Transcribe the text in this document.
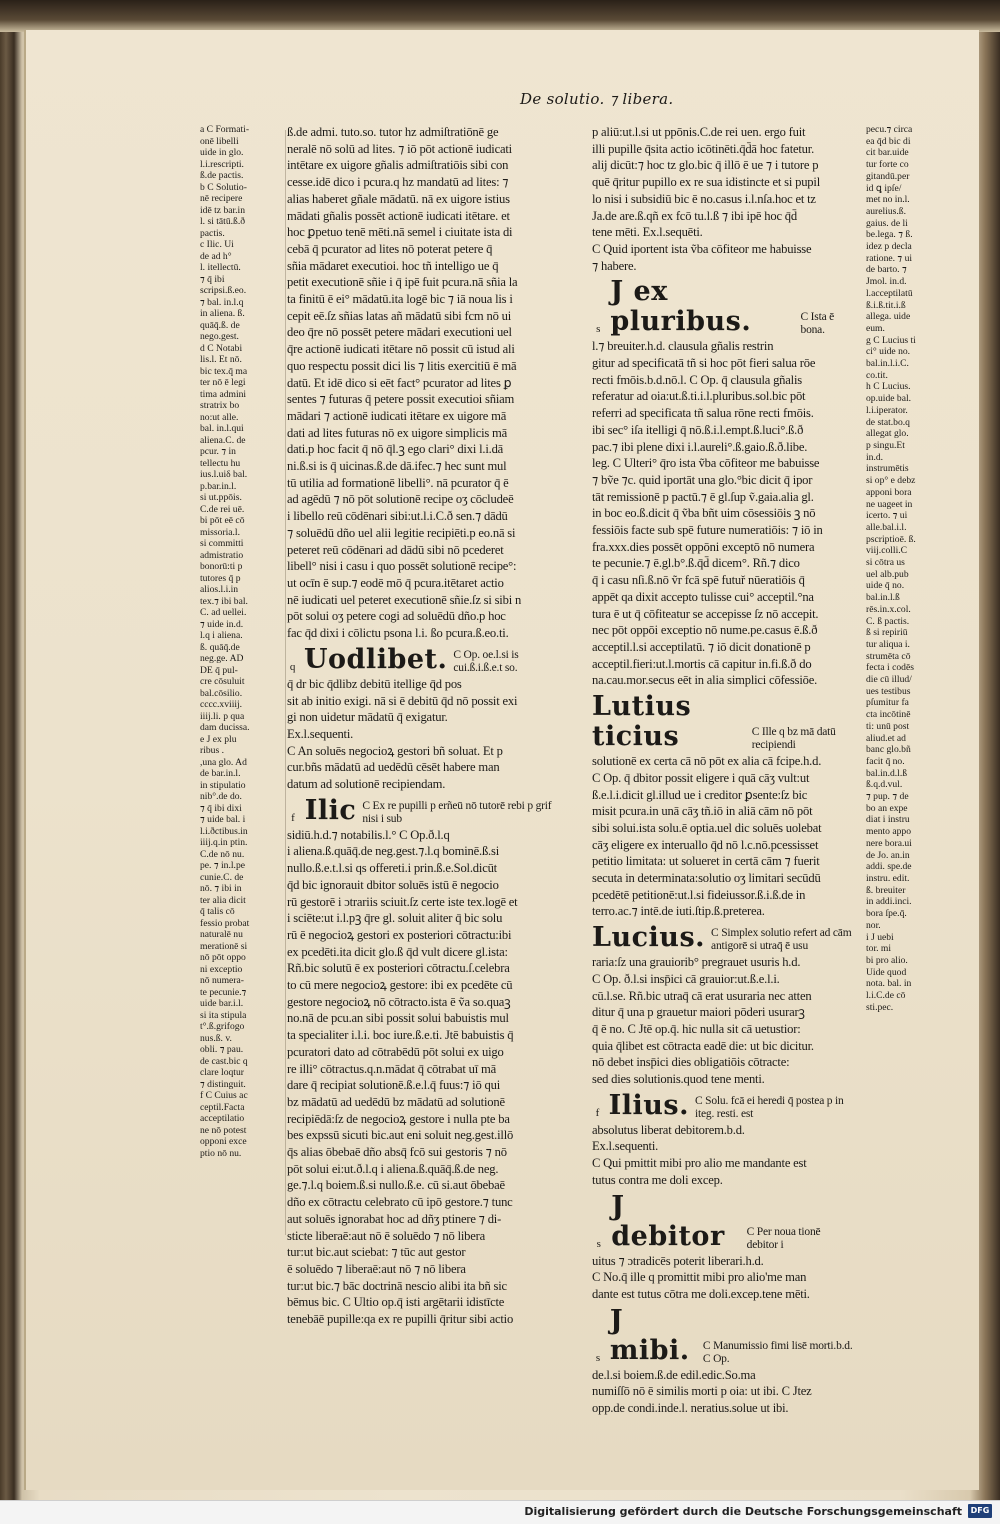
De solutio. ⁊ libera.

a C Formati-

onē libelli

uide in glo.

l.i.rescripti.

ß.de pactis.

b C Solutio-

nē recipere

idē tz bar.in

l. si tātū.ß.ð

pactis.

c Ilic. Ui

de ad h°

l. itellectū.

⁊ q̄ ibi

scripsi.ß.eo.

⁊ bal. in.l.q

in aliena. ß.

quāq̄.ß. de

nego.gest.

d C Notabi

lis.l. Et nō.

bic tex.q̄ ma

ter nō ē legi

tima admini

stratrix bo

no:ut alle.

bal. in.l.qui

aliena.C. de

pcur. ⁊ in

tellectu hu

ius.l.uiδ bal.

p.bar.in.l.

si ut.ppōis.

C.de rei uē.

bi pōt eē cō

missoria.l.

si committi

admistratio

bonorū:ti p

tutores q̄ p

alios.l.i.in

tex.⁊ ibi bal.

C. ad uellei.

⁊ uide in.d.

l.q i aliena.

ß. quāq̄.de

neg.ge. AD

DE q̄ pul-

cre cōsuluit

bal.cōsilio.

cccc.xviiij.

iiij.li. p qua

dam ducissa.

e J ex plu

ribus .

,una glo. Ad

de bar.in.l.

in stipulatio

nib°.de do.

⁊ q̄ ibi dixi

⁊ uide bal. i

l.i.ðctibus.in

iiij.q.in ptin.

C.de nō nu.

pe. ⁊ in.l.pe

cunie.C. de

nō. ⁊ ibi in

ter alia dicit

q̄ talis cō

fessio probat

naturalē nu

merationē si

nō pōt oppo

ni exceptio

nō numera-

te pecunie.⁊

uide bar.i.l.

si ita stipula

t°.ß.grifogo

nus.ß. v.

obli. ⁊ pau.

de cast.bic q

clare loqtur

⁊ distinguit.

f C Cuius ac

ceptil.Facta

acceptilatio

ne nō potest

opponi exce

ptio nō nu.

ß.de admi. tuto.so. tutor hz admiſtratiōnē ge

neralē nō solū ad lites. ⁊ iō pōt actionē iudicati

intētare ex uigore gñalis admiſtratiōis sibi con

cesse.idē dico i pcura.q hz mandatū ad lites: ⁊

alias haberet gñale mādatū. nā ex uigore istius

mādati gñalis possēt actionē iudicati itētare. et

hoc ꝑpetuo tenē mēti.nā semel i ciuitate ista di

cebā q̄ pcurator ad lites nō poterat petere q̄

sñia mādaret executioi. hoc tñ intelligo ue q̄

petit executionē sñie i q̄ ipē fuit pcura.nā sñia la

ta finitū ē ei° mādatū.ita logē bic ⁊ iā noua lis i

cepit eē.ſz sñias latas añ mādatū sibi fcm nō ui

deo q̄re nō possēt petere mādari executioni uel

q̄re actionē iudicati itētare nō possit cū istud ali

quo respectu possit dici lis ⁊ litis exercitiū ē mā

datū. Et idē dico si eēt fact° pcurator ad lites ꝑ

sentes ⁊ futuras q̄ petere possit executioi sñiam

mādari ⁊ actionē iudicati itētare ex uigore mā

dati ad lites futuras nō ex uigore simplicis mā

dati.p hoc facit q̄ nō q̄l.ꝫ ego clari° dixi l.i.dā

ni.ß.si is q̄ uicinas.ß.de dā.ifec.⁊ hec sunt mul

tū utilia ad formationē libelli°. nā pcurator q̄ ē

ad agēdū ⁊ nō pōt solutionē recipe oʒ cōcludeē

i libello reū cōdēnari sibi:ut.l.i.C.ð sen.⁊ dādū

⁊ soluēdū dño uel alii legitie recipiēti.p eo.nā si

peteret reū cōdēnari ad dādū sibi nō pcederet

libell° nisi i casu i quo possēt solutionē recipe°:

ut ocīn ē sup.⁊ eodē mō q̄ pcura.itētaret actio

nē iudicati uel peteret executionē sñie.ſz si sibi n

pōt solui oʒ petere cogi ad soluēdū dño.p hoc

fac q̄d dixi i cōlictu psona l.i. ßo pcura.ß.eo.ti.

q Uodlibet. C Op. oe.l.si is cui.ß.i.ß.e.t so.

q̄ dr bic q̄dlibz debitū itellige q̄d pos

sit ab initio exigi. nā si ē debitū q̄d nō possit exi

gi non uidetur mādatū q̄ exigatur.

Ex.l.sequenti.

C An soluēs negocioꝝ gestori bñ soluat. Et p

cur.bñs mādatū ad uedēdū cēsēt habere man

datum ad solutionē recipiendam.

f Ilic C Ex re pupilli p erñeū nō tutorē rebi p grif nisi i sub

sidiū.h.d.⁊ notabilis.l.° C Op.ð.l.q

i aliena.ß.quāq̄.de neg.gest.⁊.l.q bominē.ß.si

nullo.ß.e.t.l.si qs offereti.i prin.ß.e.Sol.dicūt

q̄d bic ignorauit dbitor soluēs istū ē negocio

rū gestorē i ɔtrariis sciuit.ſz certe iste tex.logē et

i sciēte:ut i.l.pꝫ q̄re gl. soluit aliter q̄ bic solu

rū ē negocioꝝ gestori ex posteriori cōtractu:ibi

ex pcedēti.ita dicit glo.ß q̄d vult dicere gl.ista:

Rñ.bic solutū ē ex posteriori cōtractu.ſ.celebra

to cū mere negocioꝝ gestore: ibi ex pcedēte cū

gestore negocioꝝ nō cōtracto.ista ē ṽa so.quaꝫ

no.nā de pcu.an sibi possit solui babuistis mul

ta specialiter i.l.i. boc iure.ß.e.ti. Jtē babuistis q̄

pcuratori dato ad cōtrabēdū pōt solui ex uigo

re illi° cōtractus.q.n.mādat q̄ cōtrabat uī mā

dare q̄ recipiat solutionē.ß.e.l.q̄ fuus:⁊ iō qui

bz mādatū ad uedēdū bz mādatū ad solutionē

recipiēdā:ſz de negocioꝝ gestore i nulla pte ba

bes expssū sicuti bic.aut eni soluit neg.gest.illō

q̄s alias ōbebaē dño absq̄ fcō sui gestoris ⁊ nō

pōt solui ei:ut.ð.l.q i aliena.ß.quāq̄.ß.de neg.

ge.⁊.l.q boiem.ß.si nullo.ß.e. cū si.aut ōbebaē

dño ex cōtractu celebrato cū ipō gestore.⁊ tunc

aut soluēs ignorabat hoc ad dñʒ ptinere ⁊ di-

sticte liberaē:aut nō ē soluēdo ⁊ nō libera

tur:ut bic.aut sciebat: ⁊ tūc aut gestor

ē soluēdo ⁊ liberaē:aut nō ⁊ nō libera

tur:ut bic.⁊ bāc doctrinā nescio alibi ita bñ sic

bēmus bic. C Ultio op.q̄ isti argētarii idistīcte

tenebāē pupille:qa ex re pupilli q̄ritur sibi actio

p aliū:ut.l.si ut ppōnis.C.de rei uen. ergo fuit

illi pupille q̄sita actio icōtinēti.q̄d̄ā hoc fatetur.

alij dicūt:⁊ hoc tz glo.bic q̄ illō ē ue ⁊ i tutore p

quē q̄ritur pupillo ex re sua idistincte et si pupil

lo nisi i subsidiū bic ē no.casus i.l.nſa.hoc et tz

Ja.de are.ß.qñ ex fcō tu.l.ß ⁊ ibi ipē hoc q̄d̄

tene mēti. Ex.l.sequēti.

C Quid iportent ista ṽba cōfiteor me habuisse

⁊ habere.

s
J ex pluribus.	C Ista ē bona.

l.⁊ breuiter.h.d. clausula gñalis restrin

gitur ad specificatā tñ si hoc pōt fieri salua rōe

recti fmōis.b.d.nō.l. C Op. q̄ clausula gñalis

referatur ad oia:ut.ß.ti.i.l.pluribus.sol.bic pōt

referri ad specificata tñ salua rōne recti fmōis.

ibi sec° iſa itelligi q̄ nō.ß.i.l.empt.ß.luci°.ß.ð

pac.⁊ ibi plene dixi i.l.aureli°.ß.gaio.ß.ð.libe.

leg. C Ulteri° q̄ro ista ṽba cōfiteor me babuisse

⁊ bṽe ⁊c. quid iportāt una glo.°bic dicit q̄ ipor

tāt remissionē p pactū.⁊ ē gl.ſup ṽ.gaia.alia gl.

in boc eo.ß.dicit q̄ ṽba bñt uim cōsessiōis ꝫ nō

fessiōis facte sub spē future numeratiōis: ⁊ iō in

fra.xxx.dies possēt oppōni exceptō nō numera

te pecunie.⁊ ē.gl.b°.ß.q̄d̄ dicem°. Rñ.⁊ dico

q̄ i casu nſi.ß.nō ṽr fcā spē futuř nūeratiōis q̄

appēt qa dixit accepto tulisse cui° acceptil.°na

tura ē ut q̄ cōfiteatur se accepisse ſz nō accepit.

nec pōt oppōi exceptio nō nume.pe.casus ē.ß.ð

acceptil.l.si acceptilatū. ⁊ iō dicit donationē p

acceptil.fieri:ut.l.mortis cā capitur in.fi.ß.ð do

na.cau.mor.secus eēt in alia simplici cōfessiōe.

Lutius ticius	C Ille q bz mā datū recipiendi

solutionē ex certa cā nō pōt ex alia cā fcipe.h.d.

C Op. q̄ dbitor possit eligere i quā cāʒ vult:ut

ß.e.l.i.dicit gl.illud ue i creditor ꝑsente:ſz bic

misit pcura.in unā cāʒ tñ.iō in aliā cām nō pōt

sibi solui.ista solu.ē optia.uel dic soluēs uolebat

cāʒ eligere ex interuallo q̄d nō l.c.nō.pcessisset

petitio limitata: ut solueret in certā cām ⁊ fuerit

secuta in determinata:solutio oʒ limitari secūdū

pcedētē petitionē:ut.l.si fideiussor.ß.i.ß.de in

terro.ac.⁊ intē.de iuti.ſtip.ß.preterea.

Lucius. C Simplex solutio refert ad cām antigorē si utraq̄ ē usu

raria:ſz una grauiorib° pregrauet usuris h.d.

C Op. ð.l.si insp̄ici cā grauior:ut.ß.e.l.i.

cū.l.se. Rñ.bic utraq̄ cā erat usuraria nec atten

ditur q̄ una p grauetur maiori pōderi usurarꝫ

q̄ ē no. C Jtē op.q̄. hic nulla sit cā uetustior:

quia q̄libet est cōtracta eadē die: ut bic dicitur.

nō debet insp̄ici dies obligatiōis cōtracte:

sed dies solutionis.quod tene menti.

f Ilius. C Solu. fcā ei heredi q̄ postea p in iteg. resti. est

absolutus liberat debitorem.b.d.

Ex.l.sequenti.

C Qui pmittit mibi pro alio me mandante est

tutus contra me doli excep.

s
J debitor	C Per noua tionē debitor i

uitus ⁊ ɔtradicēs poterit liberari.h.d.

C No.q̄ ille q promittit mibi pro alio'me man

dante est tutus cōtra me doli.excep.tene mēti.

s
J mibi.	C Manumissio fimi lisē morti.b.d. C Op.

de.l.si boiem.ß.de edil.edic.So.ma

numiſſō nō ē similis morti p oia: ut ibi. C Jtez

opp.de condi.inde.l. neratius.solue ut ibi.

pecu.⁊ circa

ea q̄d bic di

cit bar.uide

tur forte co

gitandū.per

id ꝗ ipſe/

met no in.l.

aurelius.ß.

gaius. de li

be.lega. ⁊ ß.

idez p decla

ratione. ⁊ ui

de barto. ⁊

Jmol. in.d.

l.acceptilatū

ß.i.ß.tit.i.ß

allega. uide

eum.

g C Lucius ti

ci° uide no.

bal.in.l.i.C.

co.tit.

h C Lucius.

op.uide bal.

l.i.iperator.

de stat.bo.q

allegat glo.

p singu.Et

in.d.

instrumētis

si op° e debz

apponi bora

ne uageet in

icerto. ⁊ ui

alle.bal.i.l.

pscriptioē. ß.

viij.colli.C

si cōtra us

uel alb.pub

uide q̄ no.

bal.in.l.ß

rēs.in.x.col.

C. ß pactis.

ß si repiriū

tur aliqua i.

strumēta cō

fecta i codēs

die cū illud/

ues testibus

pſumitur fa

cta incōtinē

ti: unū post

aliud.et ad

banc glo.bñ

facit q̄ no.

bal.in.d.l.ß

ß.q.d.vul.

⁊ pup. ⁊ de

bo an expe

diat i instru

mento appo

nere bora.ui

de Jo. an.in

addi. spe.de

instru. edit.

ß. breuiter

in addi.inci.

bora ſpe.q̄.

nor.

i J uebi

tor. mi

bi pro alio.

Uide quod

nota. bal. in

l.i.C.de cō

sti.pec.

Digitalisierung gefördert durch die Deutsche Forschungsgemeinschaft	DFG
